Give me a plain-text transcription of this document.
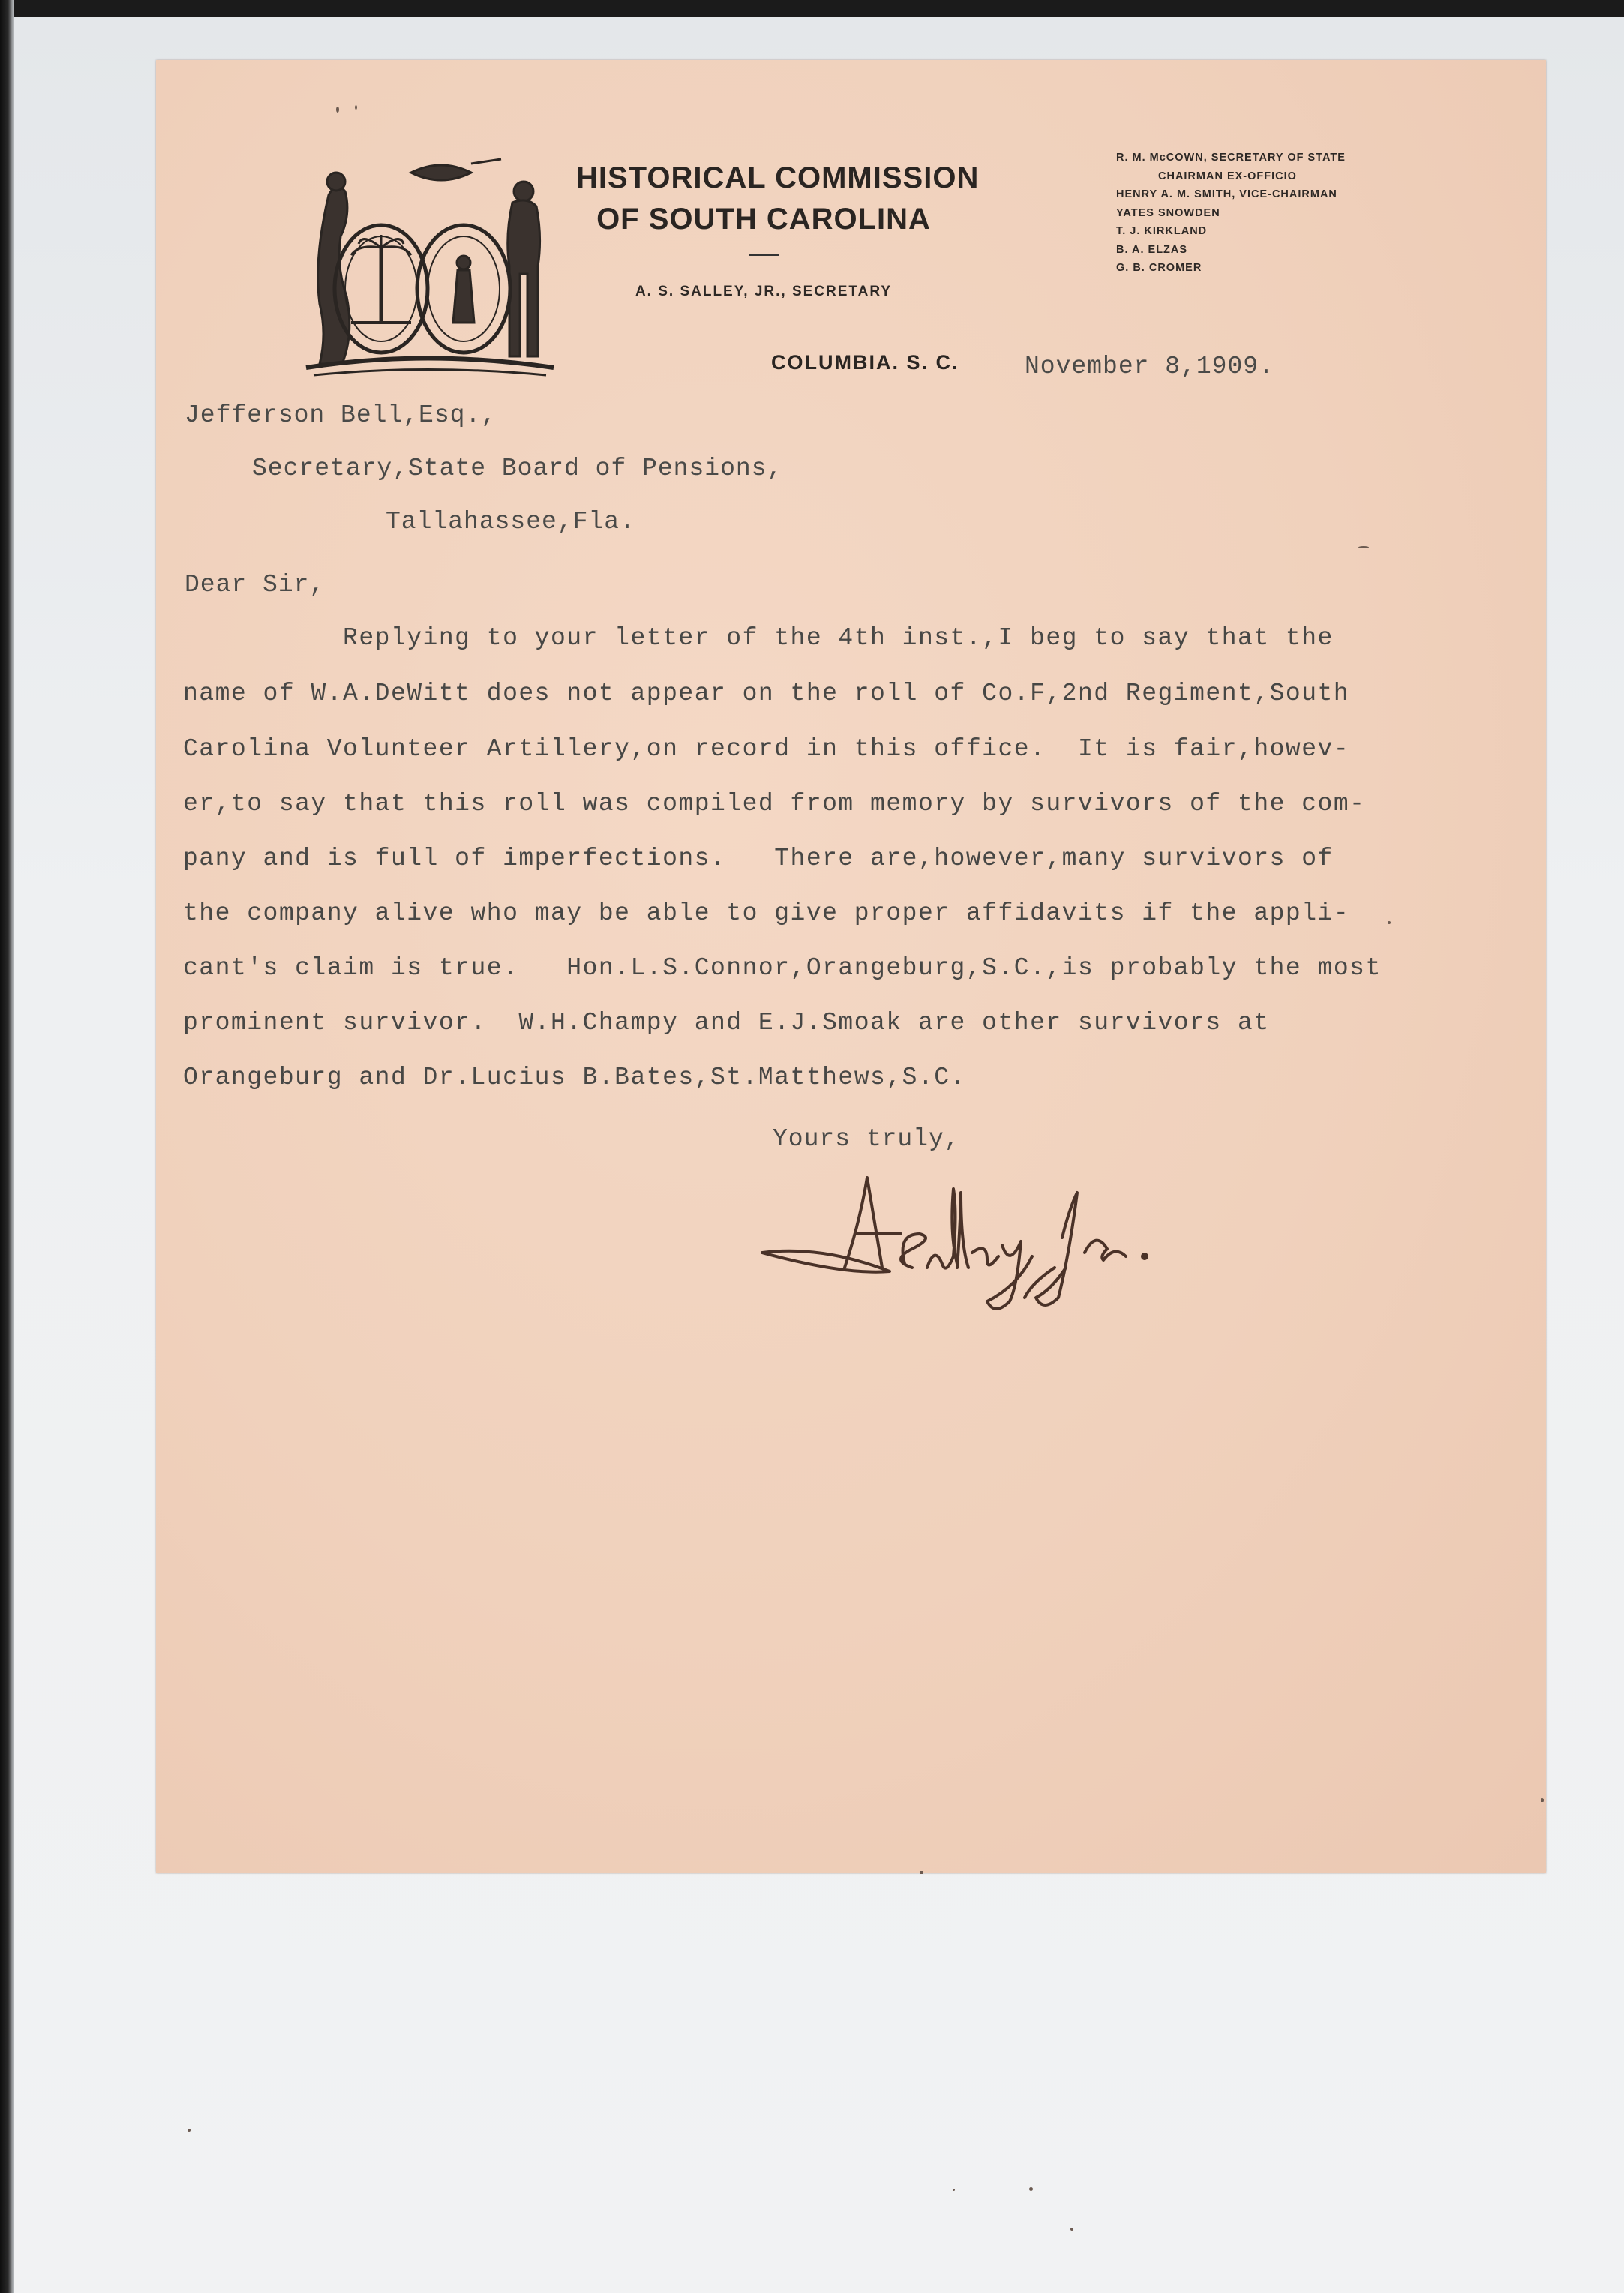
HISTORICAL COMMISSION
OF SOUTH CAROLINA
A. S. SALLEY, JR., SECRETARY
R. M. McCOWN, SECRETARY OF STATE
CHAIRMAN EX-OFFICIO
HENRY A. M. SMITH, VICE-CHAIRMAN
YATES SNOWDEN
T. J. KIRKLAND
B. A. ELZAS
G. B. CROMER
COLUMBIA. S. C.	November 8,1909.
Jefferson Bell,Esq.,
Secretary,State Board of Pensions,
Tallahassee,Fla.
Dear Sir,
Replying to your letter of the 4th inst.,I beg to say that the
name of W.A.DeWitt does not appear on the roll of Co.F,2nd Regiment,South
Carolina Volunteer Artillery,on record in this office.  It is fair,howev-
er,to say that this roll was compiled from memory by survivors of the com-
pany and is full of imperfections.   There are,however,many survivors of
the company alive who may be able to give proper affidavits if the appli-
cant's claim is true.   Hon.L.S.Connor,Orangeburg,S.C.,is probably the most
prominent survivor.  W.H.Champy and E.J.Smoak are other survivors at
Orangeburg and Dr.Lucius B.Bates,St.Matthews,S.C.
Yours truly,
